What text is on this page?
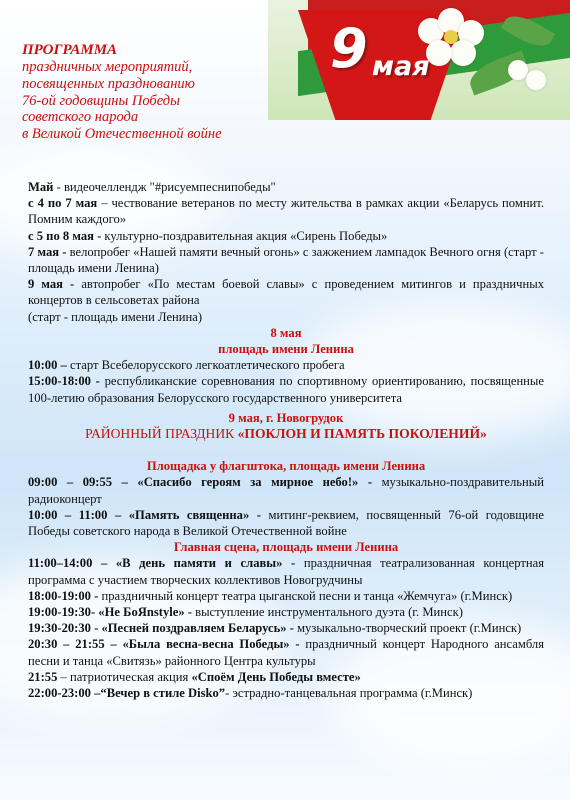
ПРОГРАММА
праздничных мероприятий,
посвященных празднованию
76-ой годовщины Победы
советского народа
в Великой Отечественной войне
9 мая

Май - видеочеллендж "#рисуемпеснипобеды"

с 4 по 7 мая – чествование ветеранов по месту жительства в рамках акции «Беларусь помнит. Помним каждого»

с 5 по 8 мая - культурно-поздравительная акция «Сирень Победы»

7 мая - велопробег «Нашей памяти вечный огонь» с зажжением лампадок Вечного огня (старт - площадь имени Ленина)

9 мая - автопробег «По местам боевой славы» с проведением митингов и праздничных концертов в сельсоветах района

(старт - площадь имени Ленина)

8 мая

площадь имени Ленина

10:00 – старт Всебелорусского легкоатлетического пробега

15:00-18:00 - республиканские соревнования по спортивному ориентированию, посвященные 100-летию образования Белорусского государственного университета

9 мая, г. Новогрудок

РАЙОННЫЙ ПРАЗДНИК «ПОКЛОН И ПАМЯТЬ ПОКОЛЕНИЙ»

Площадка у флагштока, площадь имени Ленина

09:00 – 09:55 – «Спасибо героям за мирное небо!» - музыкально-поздравительный радиоконцерт

10:00 – 11:00 – «Память священна» - митинг-реквием, посвященный 76-ой годовщине Победы советского народа в Великой Отечественной войне

Главная сцена, площадь имени Ленина

11:00–14:00 – «В день памяти и славы» - праздничная театрализованная концертная программа с участием творческих коллективов Новогрудчины

18:00-19:00 - праздничный концерт театра цыганской песни и танца «Жемчуга» (г.Минск)

19:00-19:30- «Не БоЯnstyle» - выступление инструментального дуэта (г. Минск)

19:30-20:30 - «Песней поздравляем Беларусь» - музыкально-творческий проект (г.Минск)

20:30 – 21:55 – «Была весна-весна Победы» - праздничный концерт Народного ансамбля песни и танца «Свитязь» районного Центра культуры

21:55 – патриотическая акция «Споём День Победы вместе»

22:00-23:00 –“Вечер в стиле Disko”- эстрадно-танцевальная программа (г.Минск)
